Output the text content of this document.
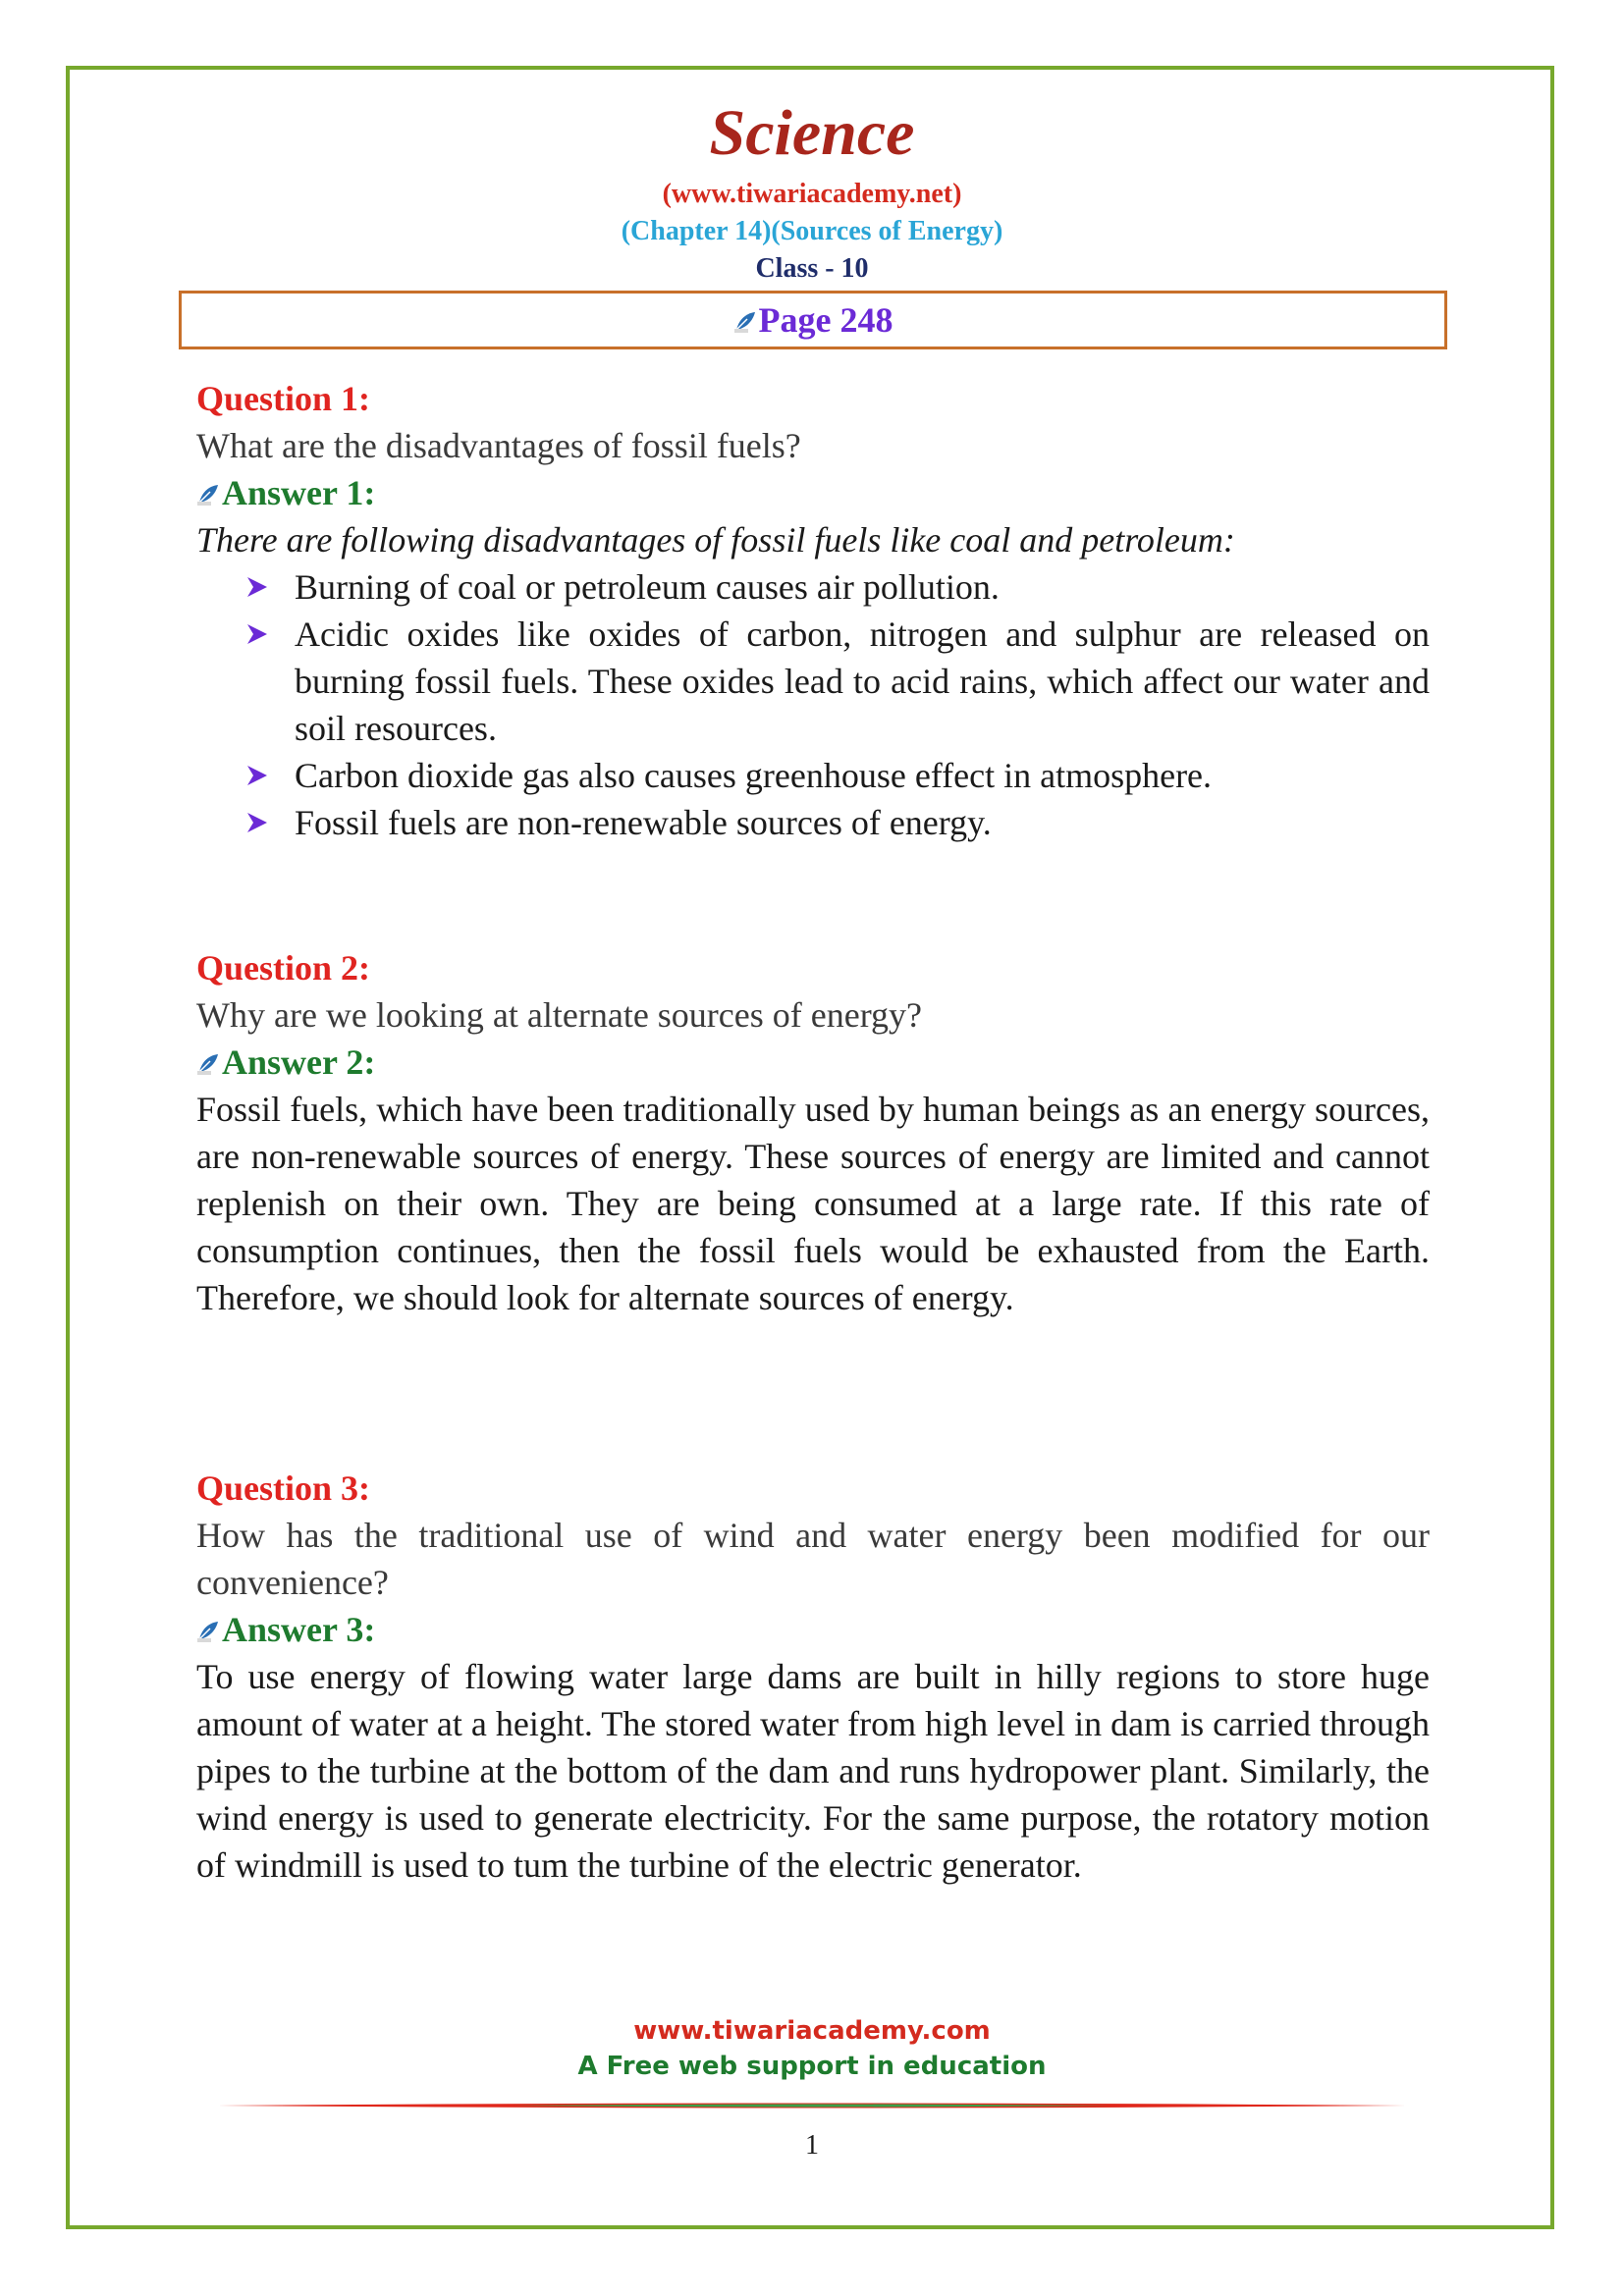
Science
(www.tiwariacademy.net)
(Chapter 14)(Sources of Energy)
Class - 10
Page 248
Question 1:
What are the disadvantages of fossil fuels?
Answer 1:
There are following disadvantages of fossil fuels like coal and petroleum:
Burning of coal or petroleum causes air pollution.
Acidic oxides like oxides of carbon, nitrogen and sulphur are released on burning fossil fuels. These oxides lead to acid rains, which affect our water and soil resources.
Carbon dioxide gas also causes greenhouse effect in atmosphere.
Fossil fuels are non-renewable sources of energy.
Question 2:
Why are we looking at alternate sources of energy?
Answer 2:
Fossil fuels, which have been traditionally used by human beings as an energy sources, are non-renewable sources of energy. These sources of energy are limited and cannot replenish on their own. They are being consumed at a large rate. If this rate of consumption continues, then the fossil fuels would be exhausted from the Earth. Therefore, we should look for alternate sources of energy.
Question 3:
How has the traditional use of wind and water energy been modified for our convenience?
Answer 3:
To use energy of flowing water large dams are built in hilly regions to store huge amount of water at a height. The stored water from high level in dam is carried through pipes to the turbine at the bottom of the dam and runs hydropower plant. Similarly, the wind energy is used to generate electricity. For the same purpose, the rotatory motion of windmill is used to tum the turbine of the electric generator.
www.tiwariacademy.com
A Free web support in education
1
